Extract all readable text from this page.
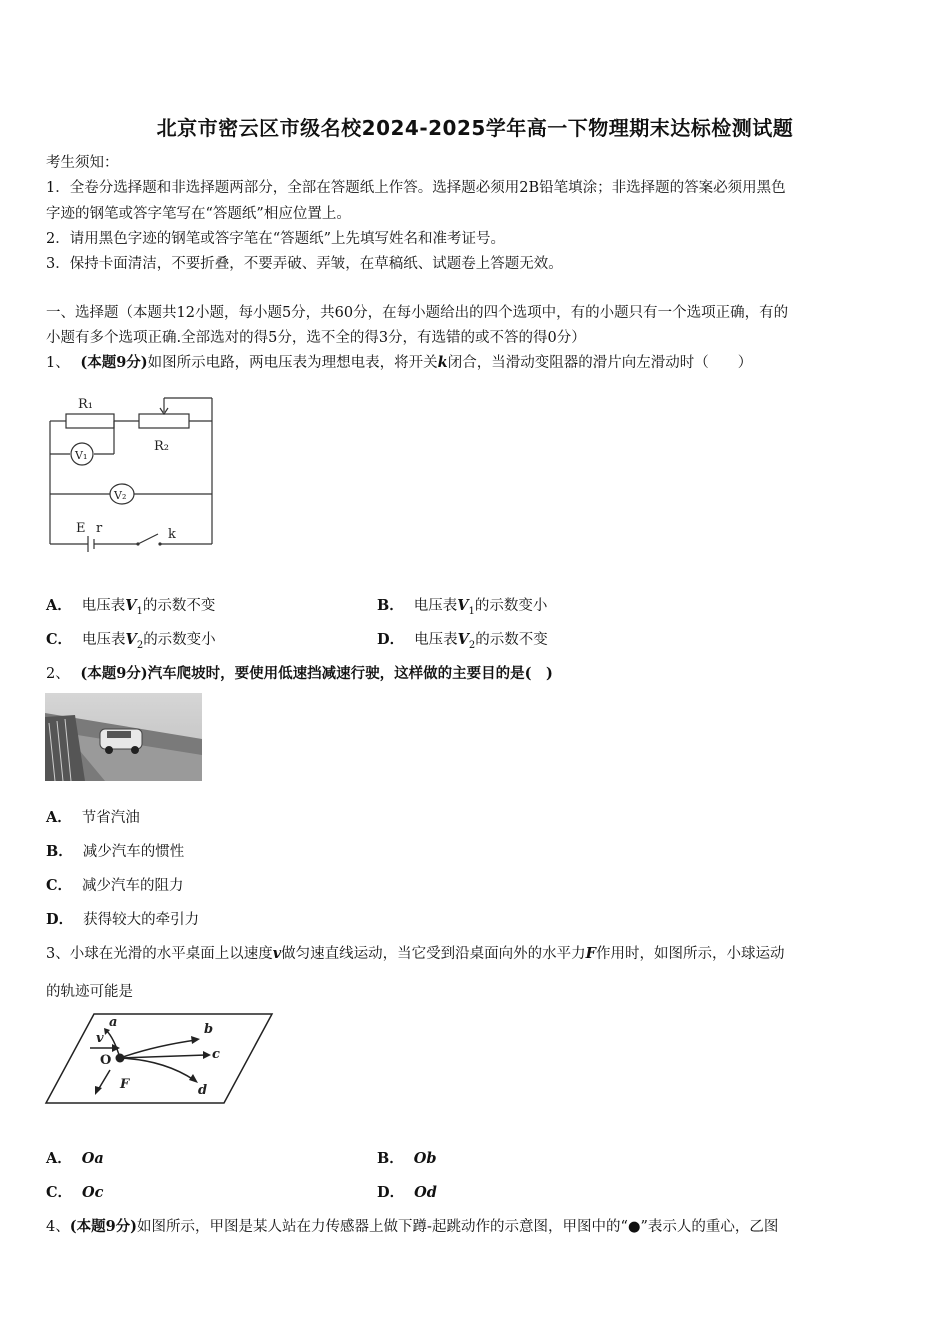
北京市密云区市级名校2024-2025学年高一下物理期末达标检测试题
考生须知：
1．全卷分选择题和非选择题两部分，全部在答题纸上作答。选择题必须用2B铅笔填涂；非选择题的答案必须用黑色
字迹的钢笔或答字笔写在“答题纸”相应位置上。
2．请用黑色字迹的钢笔或答字笔在“答题纸”上先填写姓名和准考证号。
3．保持卡面清洁，不要折叠，不要弄破、弄皱，在草稿纸、试题卷上答题无效。
一、选择题（本题共12小题，每小题5分，共60分，在每小题给出的四个选项中，有的小题只有一个选项正确，有的
小题有多个选项正确.全部选对的得5分，选不全的得3分，有选错的或不答的得0分）
1、 (本题9分)如图所示电路，两电压表为理想电表，将开关k闭合，当滑动变阻器的滑片向左滑动时（　　）
R₁
R₂
V₁
V₂
E r	k
A． 电压表$V_1$的示数不变	B． 电压表$V_1$的示数变小
C． 电压表$V_2$的示数变小	D． 电压表$V_2$的示数不变
2、 (本题9分)汽车爬坡时，要使用低速挡减速行驶，这样做的主要目的是(　)
A． 节省汽油
B． 减少汽车的惯性
C． 减少汽车的阻力
D． 获得较大的牵引力
3、小球在光滑的水平桌面上以速度v做匀速直线运动，当它受到沿桌面向外的水平力F作用时，如图所示，小球运动
的轨迹可能是
a	b
c
d
v
F
O
A． Oa	B． Ob
C． Oc	D． Od
4、(本题9分)如图所示，甲图是某人站在力传感器上做下蹲-起跳动作的示意图，甲图中的“●”表示人的重心，乙图
